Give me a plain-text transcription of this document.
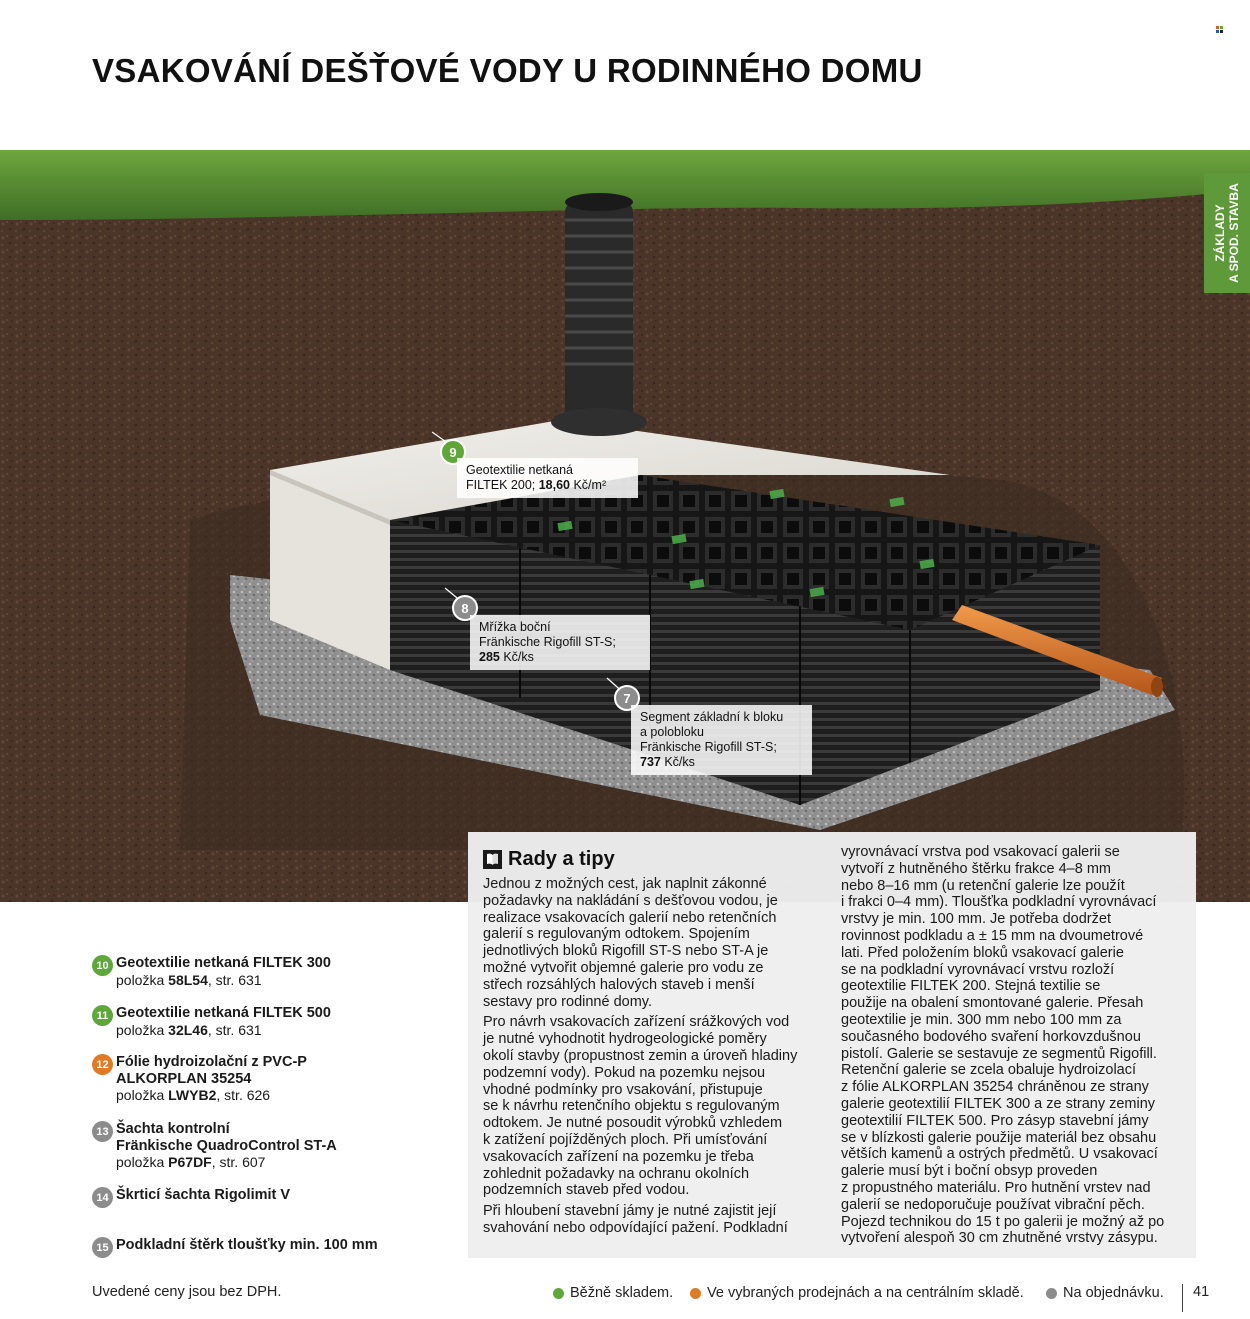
VSAKOVÁNÍ DEŠŤOVÉ VODY U RODINNÉHO DOMU
ZÁKLADY A SPOD. STAVBA
9
Geotextilie netkaná
FILTEK 200; 18,60 Kč/m²
8
Mřížka boční
Fränkische Rigofill ST-S;
285 Kč/ks
7
Segment základní k bloku
a polobloku
Fränkische Rigofill ST-S;
737 Kč/ks
Rady a tipy
Jednou z možných cest, jak naplnit zákonné
požadavky na nakládání s dešťovou vodou, je
realizace vsakovacích galerií nebo retenčních
galerií s regulovaným odtokem. Spojením
jednotlivých bloků Rigofill ST-S nebo ST-A je
možné vytvořit objemné galerie pro vodu ze
střech rozsáhlých halových staveb i menší
sestavy pro rodinné domy.
Pro návrh vsakovacích zařízení srážkových vod
je nutné vyhodnotit hydrogeologické poměry
okolí stavby (propustnost zemin a úroveň hladiny
podzemní vody). Pokud na pozemku nejsou
vhodné podmínky pro vsakování, přistupuje
se k návrhu retenčního objektu s regulovaným
odtokem. Je nutné posoudit výrobků vzhledem
k zatížení pojížděných ploch. Při umísťování
vsakovacích zařízení na pozemku je třeba
zohlednit požadavky na ochranu okolních
podzemních staveb před vodou.
Při hloubení stavební jámy je nutné zajistit její
svahování nebo odpovídající pažení. Podkladní
vyrovnávací vrstva pod vsakovací galerii se
vytvoří z hutněného štěrku frakce 4–8 mm
nebo 8–16 mm (u retenční galerie lze použít
i frakci 0–4 mm). Tloušťka podkladní vyrovnávací
vrstvy je min. 100 mm. Je potřeba dodržet
rovinnost podkladu a ± 15 mm na dvoumetrové
lati. Před položením bloků vsakovací galerie
se na podkladní vyrovnávací vrstvu rozloží
geotextilie FILTEK 200. Stejná textilie se
použije na obalení smontované galerie. Přesah
geotextilie je min. 300 mm nebo 100 mm za
současného bodového svaření horkovzdušnou
pistolí. Galerie se sestavuje ze segmentů Rigofill.
Retenční galerie se zcela obaluje hydroizolací
z fólie ALKORPLAN 35254 chráněnou ze strany
galerie geotextilií FILTEK 300 a ze strany zeminy
geotextilií FILTEK 500. Pro zásyp stavební jámy
se v blízkosti galerie použije materiál bez obsahu
větších kamenů a ostrých předmětů. U vsakovací
galerie musí být i boční obsyp proveden
z propustného materiálu. Pro hutnění vrstev nad
galerií se nedoporučuje používat vibrační pěch.
Pojezd technikou do 15 t po galerii je možný až po
vytvoření alespoň 30 cm zhutněné vrstvy zásypu.
10 Geotextilie netkaná FILTEK 300
položka 58L54, str. 631
11 Geotextilie netkaná FILTEK 500
položka 32L46, str. 631
12 Fólie hydroizolační z PVC-P
ALKORPLAN 35254
položka LWYB2, str. 626
13 Šachta kontrolní
Fränkische QuadroControl ST-A
položka P67DF, str. 607
14 Škrticí šachta Rigolimit V
15 Podkladní štěrk tloušťky min. 100 mm
Uvedené ceny jsou bez DPH.	Běžně skladem. Ve vybraných prodejnách a na centrálním skladě.	Na objednávku. 41
